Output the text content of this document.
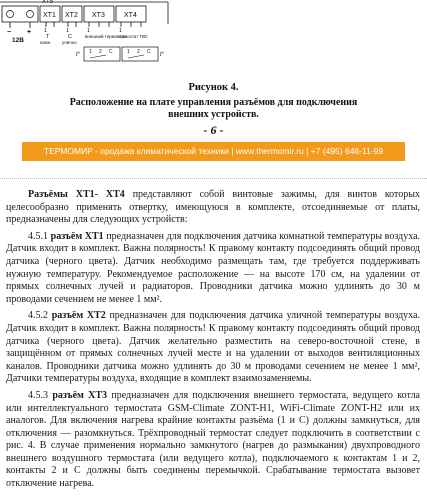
XT5
− +
12В
XT1
1
T
комн.
XT2
1
C
улично
XT3
1
внешний термостат
t° 1 2 C
XT4
1
термостат ГВС
1 2 C t°
Рисунок 4.
Расположение на плате управления разъёмов для подключения
внешних устройств.
- 6 -
ТЕРМОМИР - продажа климатической техники | www.thermomir.ru | +7 (495) 646-11-99

Разъёмы XT1- XT4 представляют собой винтовые зажимы, для винтов которых целесообразно применять отвертку, имеющуюся в комплекте, отсоединяемые от платы, предназначены для следующих устройств:

4.5.1 разъём XT1 предназначен для подключения датчика комнатной температуры воздуха. Датчик входит в комплект. Важна полярность! К правому контакту подсоединять общий провод датчика (черного цвета). Датчик необходимо размещать там, где требуется поддерживать нужную температуру. Рекомендуемое расположение — на высоте 170 см, на удалении от прямых солнечных лучей и радиаторов. Проводники датчика можно удлинять до 30 м проводами сечением не менее 1 мм².

4.5.2 разъём XT2 предназначен для подключения датчика уличной температуры воздуха. Датчик входит в комплект. Важна полярность! К правому контакту подсоединять общий провод датчика (черного цвета). Датчик желательно разместить на северо-восточной стене, в защищённом от прямых солнечных лучей месте и на удалении от выходов вентиляционных каналов. Проводники датчика можно удлинять до 30 м проводами сечением не менее 1 мм², Датчики температуры воздуха, входящие в комплект взаимозаменяемы.

4.5.3 разъём XT3 предназначен для подключения внешнего термостата, ведущего котла или интеллектуального термостата GSM-Climate ZONT-H1, WiFi-Climate ZONT-H2 или их аналогов. Для включения нагрева крайние контакты разъёма (1 и С) должны замкнуться, для отключения — разомкнуться. Трёхпроводный термостат следует подключить в соответствии с рис. 4. В случае применения нормально замкнутого (нагрев до размыкания) двухпроводного внешнего воздушного термостата (или ведущего котла), подключаемого к контактам 1 и 2, контакты 2 и С должны быть соединены перемычкой. Срабатывание термостата вызовет отключение нагрева.
